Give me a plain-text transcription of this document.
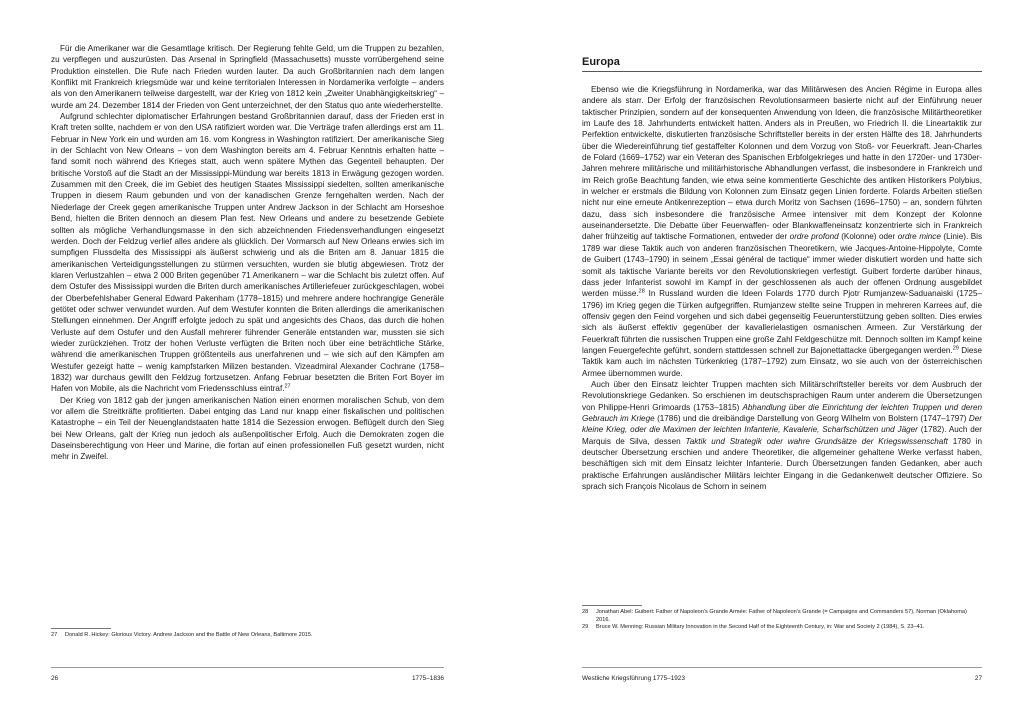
Für die Amerikaner war die Gesamtlage kritisch. Der Regierung fehlte Geld, um die Truppen zu bezahlen, zu verpflegen und auszurüsten. Das Arsenal in Springfield (Massachusetts) musste vorrübergehend seine Produktion einstellen. Die Rufe nach Frieden wurden lauter. Da auch Großbritannien nach dem langen Konflikt mit Frankreich kriegsmüde war und keine territorialen Interessen in Nordamerika verfolgte – anders als von den Amerikanern teilweise dargestellt, war der Krieg von 1812 kein „Zweiter Unabhängigkeitskrieg“ – wurde am 24. Dezember 1814 der Frieden von Gent unterzeichnet, der den Status quo ante wiederherstellte.

Aufgrund schlechter diplomatischer Erfahrungen bestand Großbritannien darauf, dass der Frieden erst in Kraft treten sollte, nachdem er von den USA ratifiziert worden war. Die Verträge trafen allerdings erst am 11. Februar in New York ein und wurden am 16. vom Kongress in Washington ratifiziert. Der amerikanische Sieg in der Schlacht von New Orleans – von dem Washington bereits am 4. Februar Kenntnis erhalten hatte – fand somit noch während des Krieges statt, auch wenn spätere Mythen das Gegenteil behaupten. Der britische Vorstoß auf die Stadt an der Mississippi-Mündung war bereits 1813 in Erwägung gezogen worden. Zusammen mit den Creek, die im Gebiet des heutigen Staates Mississippi siedelten, sollten amerikanische Truppen in diesem Raum gebunden und von der kanadischen Grenze ferngehalten werden. Nach der Niederlage der Creek gegen amerikanische Truppen unter Andrew Jackson in der Schlacht am Horseshoe Bend, hielten die Briten dennoch an diesem Plan fest. New Orleans und andere zu besetzende Gebiete sollten als mögliche Verhandlungsmasse in den sich abzeichnenden Friedensverhandlungen eingesetzt werden. Doch der Feldzug verlief alles andere als glücklich. Der Vormarsch auf New Orleans erwies sich im sumpfigen Flussdelta des Mississippi als äußerst schwierig und als die Briten am 8. Januar 1815 die amerikanischen Verteidigungsstellungen zu stürmen versuchten, wurden sie blutig abgewiesen. Trotz der klaren Verlustzahlen – etwa 2 000 Briten gegenüber 71 Amerikanern – war die Schlacht bis zuletzt offen. Auf dem Ostufer des Mississippi wurden die Briten durch amerikanisches Artilleriefeuer zurückgeschlagen, wobei der Oberbefehlshaber General Edward Pakenham (1778–1815) und mehrere andere hochrangige Generäle getötet oder schwer verwundet wurden. Auf dem Westufer konnten die Briten allerdings die amerikanischen Stellungen einnehmen. Der Angriff erfolgte jedoch zu spät und angesichts des Chaos, das durch die hohen Verluste auf dem Ostufer und den Ausfall mehrerer führender Generäle entstanden war, mussten sie sich wieder zurückziehen. Trotz der hohen Verluste verfügten die Briten noch über eine beträchtliche Stärke, während die amerikanischen Truppen größtenteils aus unerfahrenen und – wie sich auf den Kämpfen am Westufer gezeigt hatte – wenig kampfstarken Milizen bestanden. Vizeadmiral Alexander Cochrane (1758–1832) war durchaus gewillt den Feldzug fortzusetzen. Anfang Februar besetzten die Briten Fort Boyer im Hafen von Mobile, als die Nachricht vom Friedensschluss eintraf.$^{27}$

Der Krieg von 1812 gab der jungen amerikanischen Nation einen enormen moralischen Schub, von dem vor allem die Streitkräfte profitierten. Dabei entging das Land nur knapp einer fiskalischen und politischen Katastrophe – ein Teil der Neuenglandstaaten hatte 1814 die Sezession erwogen. Beflügelt durch den Sieg bei New Orleans, galt der Krieg nun jedoch als außenpolitischer Erfolg. Auch die Demokraten zogen die Daseinsberechtigung von Heer und Marine, die fortan auf einen professionellen Fuß gesetzt wurden, nicht mehr in Zweifel.

27	Donald R. Hickey: Glorious Victory. Andrew Jackson and the Battle of New Orleans, Baltimore 2015.
26	1775–1836
Europa

Ebenso wie die Kriegsführung in Nordamerika, war das Militärwesen des Ancien Régime in Europa alles andere als starr. Der Erfolg der französischen Revolutionsarmeen basierte nicht auf der Einführung neuer taktischer Prinzipien, sondern auf der konsequenten Anwendung von Ideen, die französische Militärtheoretiker im Laufe des 18. Jahrhunderts entwickelt hatten. Anders als in Preußen, wo Friedrich II. die Lineartaktik zur Perfektion entwickelte, diskutierten französische Schriftsteller bereits in der ersten Hälfte des 18. Jahrhunderts über die Wiedereinführung tief gestaffelter Kolonnen und dem Vorzug von Stoß- vor Feuerkraft. Jean-Charles de Folard (1669–1752) war ein Veteran des Spanischen Erbfolgekrieges und hatte in den 1720er- und 1730er-Jahren mehrere militärische und militärhistorische Abhandlungen verfasst, die insbesondere in Frankreich und im Reich große Beachtung fanden, wie etwa seine kommentierte Geschichte des antiken Historikers Polybius, in welcher er erstmals die Bildung von Kolonnen zum Einsatz gegen Linien forderte. Folards Arbeiten stießen nicht nur eine erneute Antikenrezeption – etwa durch Moritz von Sachsen (1696–1750) – an, sondern führten dazu, dass sich insbesondere die französische Armee intensiver mit dem Konzept der Kolonne auseinandersetzte. Die Debatte über Feuerwaffen- oder Blankwaffeneinsatz konzentrierte sich in Frankreich daher frühzeitig auf taktische Formationen, entweder der ordre profond (Kolonne) oder ordre mince (Linie). Bis 1789 war diese Taktik auch von anderen französischen Theoretikern, wie Jacques-Antoine-Hippolyte, Comte de Guibert (1743–1790) in seinem „Essai général de tactique“ immer wieder diskutiert worden und hatte sich somit als taktische Variante bereits vor den Revolutionskriegen verfestigt. Guibert forderte darüber hinaus, dass jeder Infanterist sowohl im Kampf in der geschlossenen als auch der offenen Ordnung ausgebildet werden müsse.$^{28}$ In Russland wurden die Ideen Folards 1770 durch Pjotr Rumjanzew-Saduanaiski (1725–1796) im Krieg gegen die Türken aufgegriffen. Rumjanzew stellte seine Truppen in mehreren Karrees auf, die offensiv gegen den Feind vorgehen und sich dabei gegenseitig Feuerunterstützung geben sollten. Dies erwies sich als äußerst effektiv gegenüber der kavallerielastigen osmanischen Armeen. Zur Verstärkung der Feuerkraft führten die russischen Truppen eine große Zahl Feldgeschütze mit. Dennoch sollten im Kampf keine langen Feuergefechte geführt, sondern stattdessen schnell zur Bajonettattacke übergegangen werden.$^{29}$ Diese Taktik kam auch im nächsten Türkenkrieg (1787–1792) zum Einsatz, wo sie auch von der österreichischen Armee übernommen wurde.

Auch über den Einsatz leichter Truppen machten sich Militärschriftsteller bereits vor dem Ausbruch der Revolutionskriege Gedanken. So erschienen im deutschsprachigen Raum unter anderem die Übersetzungen von Philippe-Henri Grimoards (1753–1815) Abhandlung über die Einrichtung der leichten Truppen und deren Gebrauch im Kriege (1786) und die dreibändige Darstellung von Georg Wilhelm von Bolstern (1747–1797) Der kleine Krieg, oder die Maximen der leichten Infanterie, Kavalerie, Scharfschützen und Jäger (1782). Auch der Marquis de Silva, dessen Taktik und Strategik oder wahre Grundsätze der Kriegswissenschaft 1780 in deutscher Übersetzung erschien und andere Theoretiker, die allgemeiner gehaltene Werke verfasst haben, beschäftigen sich mit dem Einsatz leichter Infanterie. Durch Übersetzungen fanden Gedanken, aber auch praktische Erfahrungen ausländischer Militärs leichter Eingang in die Gedankenwelt deutscher Offiziere. So sprach sich François Nicolaus de Schorn in seinem

28	Jonathan Abel: Guibert: Father of Napoleon’s Grande Armée: Father of Napoleon’s Grande (= Campaigns and Commanders 57), Norman (Oklahoma) 2016.
29	Bruce W. Menning: Russian Military Innovation in the Second Half of the Eighteenth Century, in: War and Society 2 (1984), S. 23–41.
Westliche Kriegsführung 1775–1923	27
